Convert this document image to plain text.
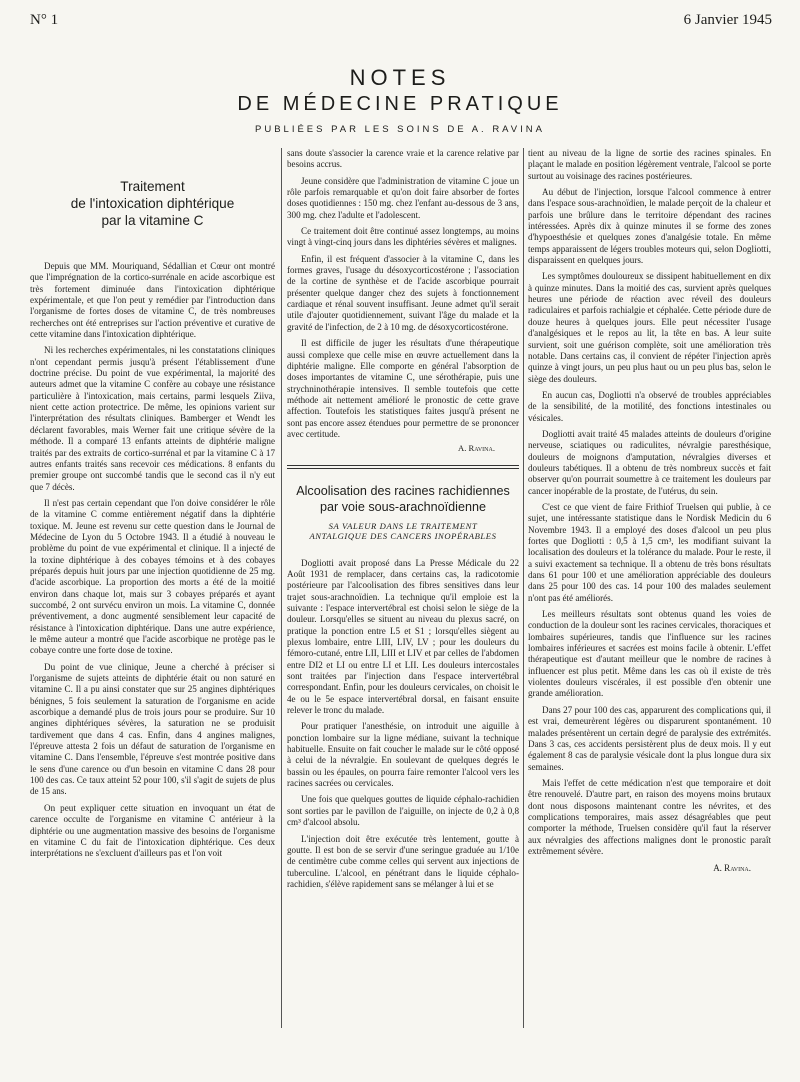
N° 1	6 Janvier 1945
NOTES
DE MÉDECINE PRATIQUE
PUBLIÉES PAR LES SOINS DE A. RAVINA
Traitement
de l'intoxication diphtérique
par la vitamine C

Depuis que MM. Mouriquand, Sédallian et Cœur ont montré que l'imprégnation de la cortico-surrénale en acide ascorbique est très fortement diminuée dans l'intoxication diphtérique expérimentale, et que l'on peut y remédier par l'introduction dans l'organisme de fortes doses de vitamine C, de très nombreuses recherches ont été entreprises sur l'action préventive et curative de cette vitamine dans l'intoxication diphtérique.

Ni les recherches expérimentales, ni les constatations cliniques n'ont cependant permis jusqu'à présent l'établissement d'une doctrine précise. Du point de vue expérimental, la majorité des auteurs admet que la vitamine C confère au cobaye une résistance particulière à l'intoxication, mais certains, parmi lesquels Ziiva, nient cette action protectrice. De même, les opinions varient sur l'interprétation des résultats cliniques. Bamberger et Wendt les déclarent favorables, mais Werner fait une critique sévère de la méthode. Il a comparé 13 enfants atteints de diphtérie maligne traités par des extraits de cortico-surrénal et par la vitamine C à 17 autres enfants traités sans recevoir ces médications. 8 enfants du premier groupe ont succombé tandis que le second cas il n'y eut que 7 décès.

Il n'est pas certain cependant que l'on doive considérer le rôle de la vitamine C comme entièrement négatif dans la diphtérie toxique. M. Jeune est revenu sur cette question dans le Journal de Médecine de Lyon du 5 Octobre 1943. Il a étudié à nouveau le problème du point de vue expérimental et clinique. Il a injecté de la toxine diphtérique à des cobayes témoins et à des cobayes préparés depuis huit jours par une injection quotidienne de 25 mg. d'acide ascorbique. La proportion des morts a été de la moitié environ dans chaque lot, mais sur 3 cobayes préparés et ayant succombé, 2 ont survécu environ un mois. La vitamine C, donnée préventivement, a donc augmenté sensiblement leur capacité de résistance à l'intoxication diphtérique. Dans une autre expérience, le même auteur a montré que l'acide ascorbique ne protège pas le cobaye contre une forte dose de toxine.

Du point de vue clinique, Jeune a cherché à préciser si l'organisme de sujets atteints de diphtérie était ou non saturé en vitamine C. Il a pu ainsi constater que sur 25 angines diphtériques bénignes, 5 fois seulement la saturation de l'organisme en acide ascorbique a demandé plus de trois jours pour se produire. Sur 10 angines diphtériques sévères, la saturation ne se produisit tardivement que dans 4 cas. Enfin, dans 4 angines malignes, l'épreuve attesta 2 fois un défaut de saturation de l'organisme en vitamine C. Dans l'ensemble, l'épreuve s'est montrée positive dans le sens d'une carence ou d'un besoin en vitamine C dans 28 pour 100 des cas. Ce taux atteint 52 pour 100, s'il s'agit de sujets de plus de 15 ans.

On peut expliquer cette situation en invoquant un état de carence occulte de l'organisme en vitamine C antérieur à la diphtérie ou une augmentation massive des besoins de l'organisme en vitamine C du fait de l'intoxication diphtérique. Ces deux interprétations ne s'excluent d'ailleurs pas et l'on voit

sans doute s'associer la carence vraie et la carence relative par besoins accrus.

Jeune considère que l'administration de vitamine C joue un rôle parfois remarquable et qu'on doit faire absorber de fortes doses quotidiennes : 150 mg. chez l'enfant au-dessous de 3 ans, 300 mg. chez l'adulte et l'adolescent.

Ce traitement doit être continué assez longtemps, au moins vingt à vingt-cinq jours dans les diphtéries sévères et malignes.

Enfin, il est fréquent d'associer à la vitamine C, dans les formes graves, l'usage du désoxycorticostérone ; l'association de la cortine de synthèse et de l'acide ascorbique pourrait présenter quelque danger chez des sujets à fonctionnement cardiaque et rénal souvent insuffisant. Jeune admet qu'il serait utile d'ajouter quotidiennement, suivant l'âge du malade et la gravité de l'infection, de 2 à 10 mg. de désoxycorticostérone.

Il est difficile de juger les résultats d'une thérapeutique aussi complexe que celle mise en œuvre actuellement dans la diphtérie maligne. Elle comporte en général l'absorption de doses importantes de vitamine C, une sérothérapie, puis une strychninothérapie intensives. Il semble toutefois que cette méthode ait nettement amélioré le pronostic de cette grave affection. Toutefois les statistiques faites jusqu'à présent ne sont pas encore assez étendues pour permettre de se prononcer avec certitude.

A. Ravina.
Alcoolisation des racines rachidiennes
par voie sous-arachnoïdienne
SA VALEUR DANS LE TRAITEMENT
ANTALGIQUE DES CANCERS INOPÉRABLES

Dogliotti avait proposé dans La Presse Médicale du 22 Août 1931 de remplacer, dans certains cas, la radicotomie postérieure par l'alcoolisation des fibres sensitives dans leur trajet sous-arachnoïdien. La technique qu'il emploie est la suivante : l'espace intervertébral est choisi selon le siège de la douleur. Lorsqu'elles se situent au niveau du plexus sacré, on pratique la ponction entre L5 et S1 ; lorsqu'elles siègent au plexus lombaire, entre LIII, LIV, LV ; pour les douleurs du fémoro-cutané, entre LII, LIII et LIV et par celles de l'abdomen entre DI2 et LI ou entre LI et LII. Les douleurs intercostales sont traitées par l'injection dans l'espace intervertébral correspondant. Enfin, pour les douleurs cervicales, on choisit le 4e ou le 5e espace intervertébral dorsal, en faisant ensuite relever le tronc du malade.

Pour pratiquer l'anesthésie, on introduit une aiguille à ponction lombaire sur la ligne médiane, suivant la technique habituelle. Ensuite on fait coucher le malade sur le côté opposé à celui de la névralgie. En soulevant de quelques degrés le bassin ou les épaules, on pourra faire remonter l'alcool vers les racines sacrées ou cervicales.

Une fois que quelques gouttes de liquide céphalo-rachidien sont sorties par le pavillon de l'aiguille, on injecte de 0,2 à 0,8 cm³ d'alcool absolu.

L'injection doit être exécutée très lentement, goutte à goutte. Il est bon de se servir d'une seringue graduée au 1/10e de centimètre cube comme celles qui servent aux injections de tuberculine. L'alcool, en pénétrant dans le liquide céphalo-rachidien, s'élève rapidement sans se mélanger à lui et se

tient au niveau de la ligne de sortie des racines spinales. En plaçant le malade en position légèrement ventrale, l'alcool se porte surtout au voisinage des racines postérieures.

Au début de l'injection, lorsque l'alcool commence à entrer dans l'espace sous-arachnoïdien, le malade perçoit de la chaleur et parfois une brûlure dans le territoire dépendant des racines intéressées. Après dix à quinze minutes il se forme des zones d'hypoesthésie et quelques zones d'analgésie totale. En même temps apparaissent de légers troubles moteurs qui, selon Dogliotti, disparaissent en quelques jours.

Les symptômes douloureux se dissipent habituellement en dix à quinze minutes. Dans la moitié des cas, survient après quelques heures une période de réaction avec réveil des douleurs radiculaires et parfois rachialgie et céphalée. Cette période dure de douze heures à quelques jours. Elle peut nécessiter l'usage d'analgésiques et le repos au lit, la tête en bas. A leur suite survient, soit une guérison complète, soit une amélioration très notable. Dans certains cas, il convient de répéter l'injection après quinze à vingt jours, un peu plus haut ou un peu plus bas, selon le siège des douleurs.

En aucun cas, Dogliotti n'a observé de troubles appréciables de la sensibilité, de la motilité, des fonctions intestinales ou vésicales.

Dogliotti avait traité 45 malades atteints de douleurs d'origine nerveuse, sciatiques ou radiculites, névralgie paresthésique, douleurs de moignons d'amputation, névralgies diverses et douleurs tabétiques. Il a obtenu de très nombreux succès et fait observer qu'on pourrait soumettre à ce traitement les douleurs par cancer inopérable de la prostate, de l'utérus, du sein.

C'est ce que vient de faire Frithiof Truelsen qui publie, à ce sujet, une intéressante statistique dans le Nordisk Medicin du 6 Novembre 1943. Il a employé des doses d'alcool un peu plus fortes que Dogliotti : 0,5 à 1,5 cm³, les modifiant suivant la localisation des douleurs et la tolérance du malade. Pour le reste, il a suivi exactement sa technique. Il a obtenu de très bons résultats dans 61 pour 100 et une amélioration appréciable des douleurs dans 25 pour 100 des cas. 14 pour 100 des malades seulement n'ont pas été améliorés.

Les meilleurs résultats sont obtenus quand les voies de conduction de la douleur sont les racines cervicales, thoraciques et lombaires supérieures, tandis que l'influence sur les racines lombaires inférieures et sacrées est moins facile à obtenir. L'effet thérapeutique est d'autant meilleur que le nombre de racines à influencer est plus petit. Même dans les cas où il existe de très violentes douleurs viscérales, il est possible d'en obtenir une grande amélioration.

Dans 27 pour 100 des cas, apparurent des complications qui, il est vrai, demeurèrent légères ou disparurent spontanément. 10 malades présentèrent un certain degré de paralysie des extrémités. Dans 3 cas, ces accidents persistèrent plus de deux mois. Il y eut également 8 cas de paralysie vésicale dont la plus longue dura six semaines.

Mais l'effet de cette médication n'est que temporaire et doit être renouvelé. D'autre part, en raison des moyens moins brutaux dont nous disposons maintenant contre les névrites, et des complications temporaires, mais assez désagréables que peut comporter la méthode, Truelsen considère qu'il faut la réserver aux névralgies des affections malignes dont le pronostic paraît extrêmement sévère.

A. Ravina.
